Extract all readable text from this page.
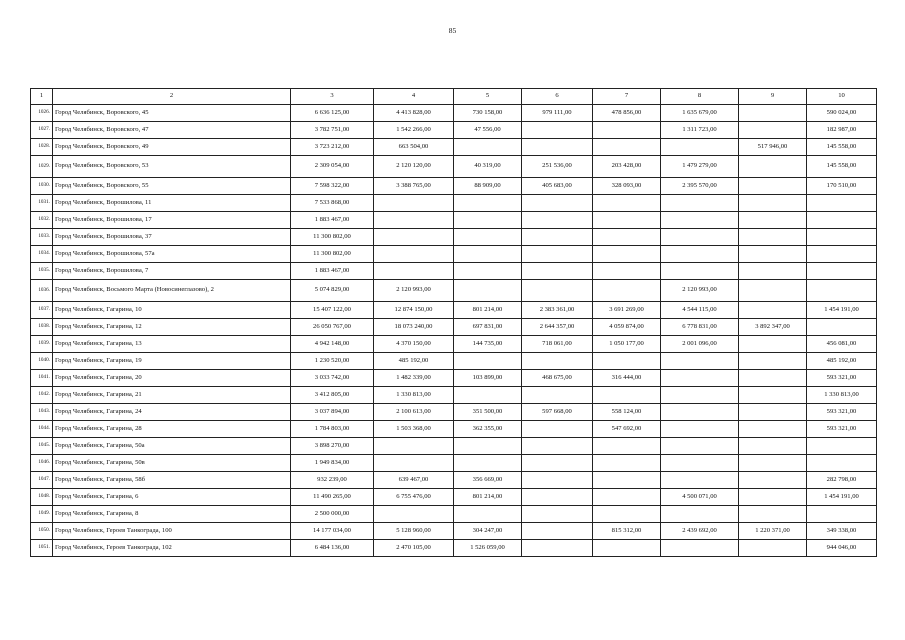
85
1	2	3	4	5	6	7	8	9	10
1026.	Город Челябинск, Воровского, 45	6 636 125,00	4 413 828,00	730 158,00	979 111,00	478 856,00	1 635 679,00		590 024,00
1027.	Город Челябинск, Воровского, 47	3 782 751,00	1 542 266,00	47 556,00			1 311 723,00		182 987,00
1028.	Город Челябинск, Воровского, 49	3 723 212,00	663 504,00					517 946,00	145 558,00
1029.	Город Челябинск, Воровского, 53	2 309 054,00	2 120 120,00	40 319,00	251 536,00	203 428,00	1 479 279,00		145 558,00
1030.	Город Челябинск, Воровского, 55	7 598 322,00	3 388 765,00	88 909,00	405 683,00	328 093,00	2 395 570,00		170 510,00
1031.	Город Челябинск, Ворошилова, 11	7 533 868,00							
1032.	Город Челябинск, Ворошилова, 17	1 883 467,00							
1033.	Город Челябинск, Ворошилова, 37	11 300 802,00							
1034.	Город Челябинск, Ворошилова, 57а	11 300 802,00							
1035.	Город Челябинск, Ворошилова, 7	1 883 467,00							
1036.	Город Челябинск, Восьмого Марта (Новосинеглазово), 2	5 074 829,00	2 120 993,00				2 120 993,00		
1037.	Город Челябинск, Гагарина, 10	15 407 122,00	12 874 150,00	801 214,00	2 383 361,00	3 691 269,00	4 544 115,00		1 454 191,00
1038.	Город Челябинск, Гагарина, 12	26 050 767,00	18 073 240,00	697 831,00	2 644 357,00	4 059 874,00	6 778 831,00	3 892 347,00	
1039.	Город Челябинск, Гагарина, 13	4 942 148,00	4 370 150,00	144 735,00	718 061,00	1 050 177,00	2 001 096,00		456 081,00
1040.	Город Челябинск, Гагарина, 19	1 230 520,00	485 192,00						485 192,00
1041.	Город Челябинск, Гагарина, 20	3 033 742,00	1 482 339,00	103 899,00	468 675,00	316 444,00			593 321,00
1042.	Город Челябинск, Гагарина, 21	3 412 805,00	1 330 813,00						1 330 813,00
1043.	Город Челябинск, Гагарина, 24	3 037 894,00	2 100 613,00	351 500,00	597 668,00	558 124,00			593 321,00
1044.	Город Челябинск, Гагарина, 28	1 784 803,00	1 503 368,00	362 355,00		547 692,00			593 321,00
1045.	Город Челябинск, Гагарина, 50а	3 898 270,00							
1046.	Город Челябинск, Гагарина, 50в	1 949 834,00							
1047.	Город Челябинск, Гагарина, 58б	932 239,00	639 467,00	356 669,00					282 798,00
1048.	Город Челябинск, Гагарина, 6	11 490 265,00	6 755 476,00	801 214,00			4 500 071,00		1 454 191,00
1049.	Город Челябинск, Гагарина, 8	2 500 000,00							
1050.	Город Челябинск, Героев Танкограда, 100	14 177 034,00	5 128 960,00	304 247,00		815 312,00	2 439 692,00	1 220 371,00	349 338,00
1051.	Город Челябинск, Героев Танкограда, 102	6 484 136,00	2 470 105,00	1 526 059,00					944 046,00
